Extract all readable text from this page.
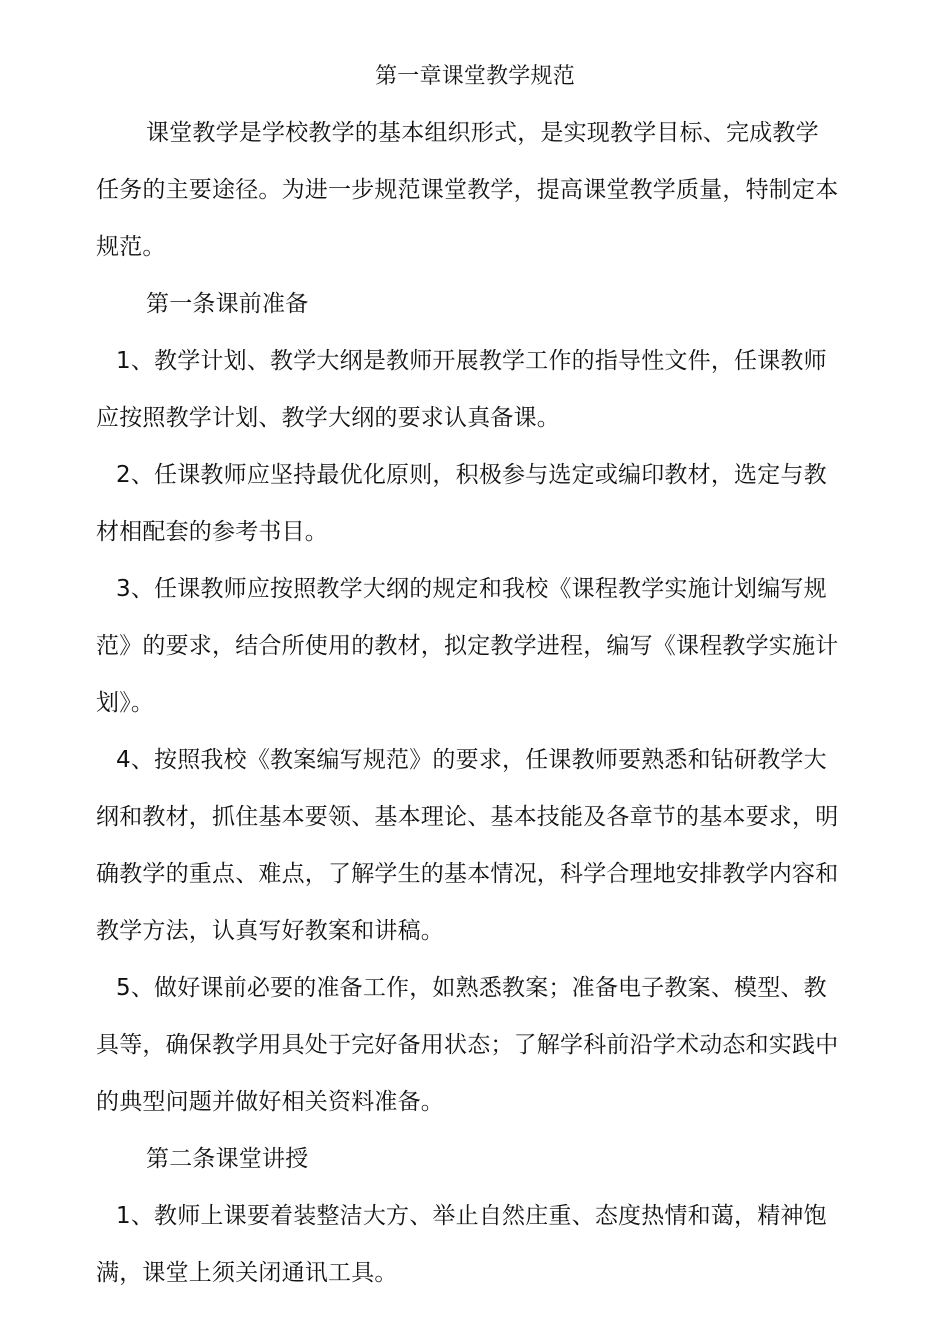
第一章课堂教学规范
课堂教学是学校教学的基本组织形式，是实现教学目标、完成教学
任务的主要途径。为进一步规范课堂教学，提高课堂教学质量，特制定本
规范。
第一条课前准备
1、教学计划、教学大纲是教师开展教学工作的指导性文件，任课教师
应按照教学计划、教学大纲的要求认真备课。
2、任课教师应坚持最优化原则，积极参与选定或编印教材，选定与教
材相配套的参考书目。
3、任课教师应按照教学大纲的规定和我校《课程教学实施计划编写规
范》的要求，结合所使用的教材，拟定教学进程，编写《课程教学实施计
划》。
4、按照我校《教案编写规范》的要求，任课教师要熟悉和钻研教学大
纲和教材，抓住基本要领、基本理论、基本技能及各章节的基本要求，明
确教学的重点、难点，了解学生的基本情况，科学合理地安排教学内容和
教学方法，认真写好教案和讲稿。
5、做好课前必要的准备工作，如熟悉教案；准备电子教案、模型、教
具等，确保教学用具处于完好备用状态；了解学科前沿学术动态和实践中
的典型问题并做好相关资料准备。
第二条课堂讲授
1、教师上课要着装整洁大方、举止自然庄重、态度热情和蔼，精神饱
满，课堂上须关闭通讯工具。
